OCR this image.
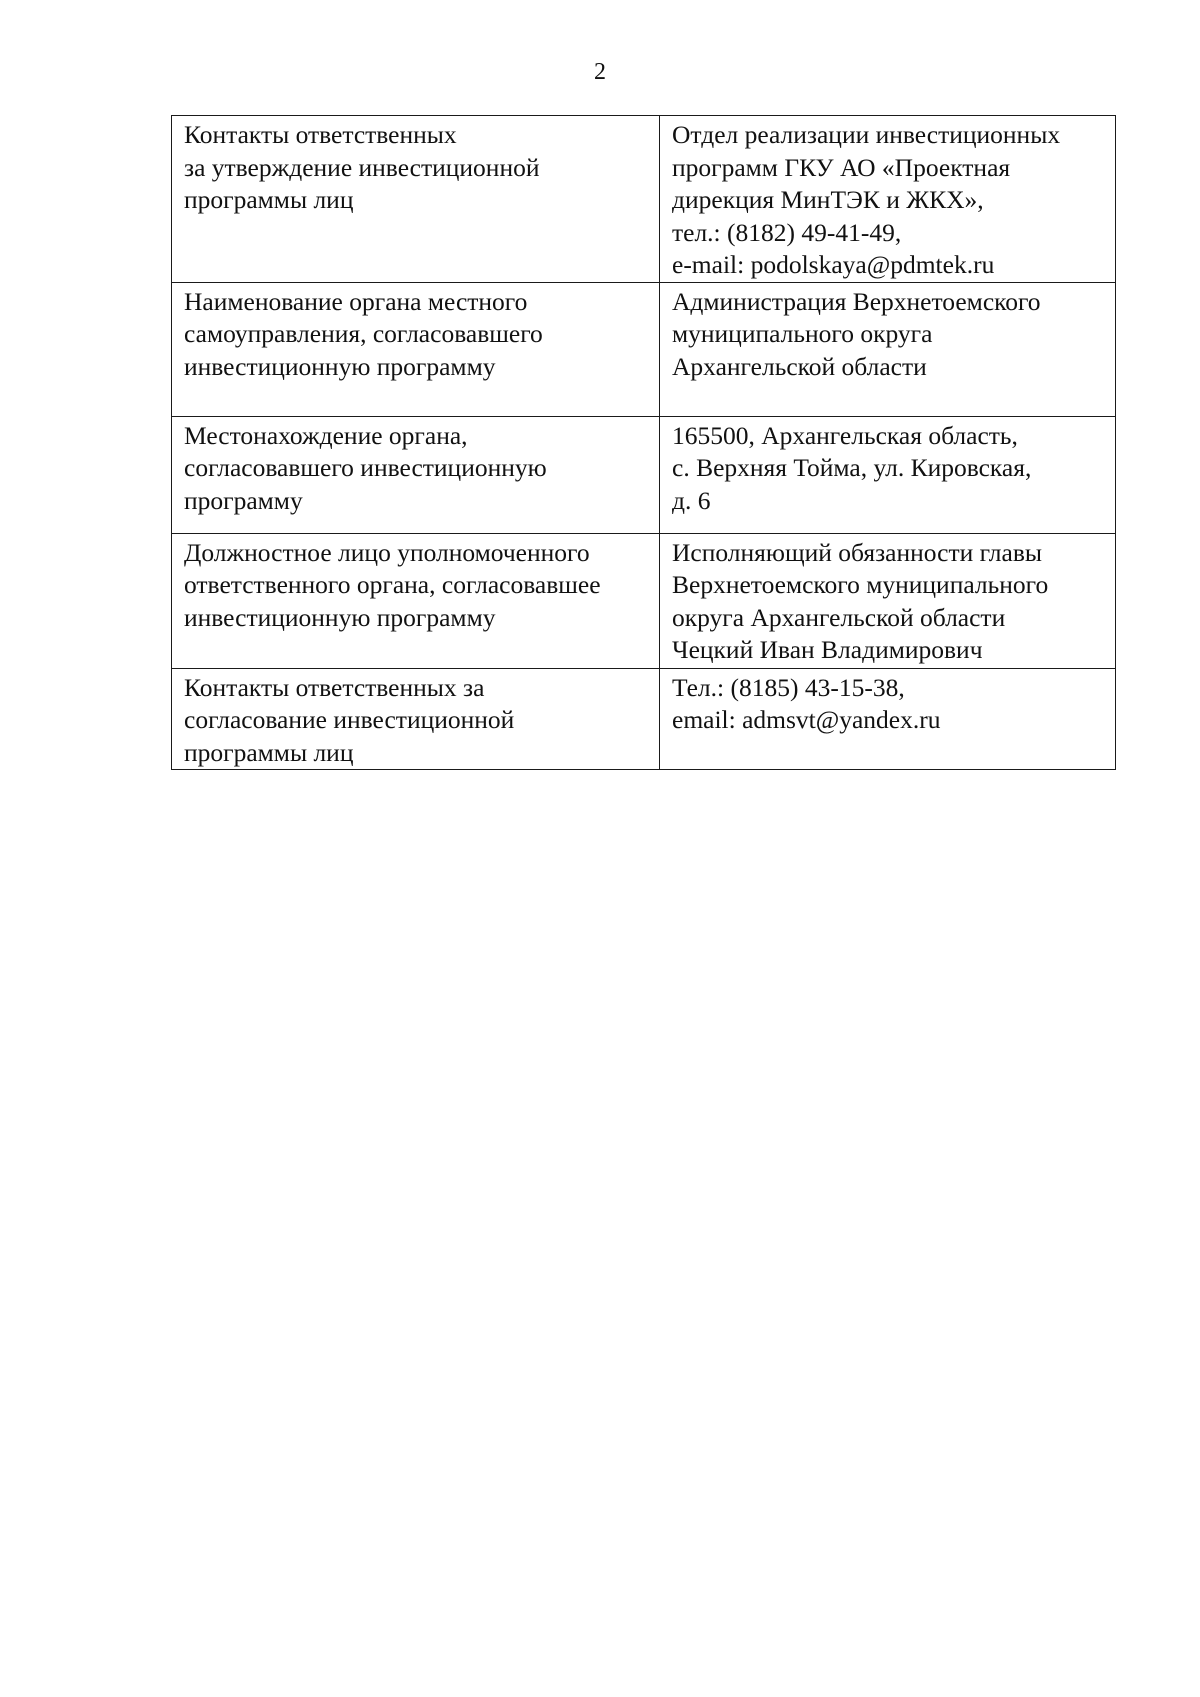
2
Контакты ответственных
за утверждение инвестиционной
программы лиц	Отдел реализации инвестиционных
программ ГКУ АО «Проектная
дирекция МинТЭК и ЖКХ»,
тел.: (8182) 49-41-49,
e-mail: podolskaya@pdmtek.ru

Наименование органа местного
самоуправления, согласовавшего
инвестиционную программу	Администрация Верхнетоемского
муниципального округа
Архангельской области

Местонахождение органа,
согласовавшего инвестиционную
программу	165500, Архангельская область,
с. Верхняя Тойма, ул. Кировская,
д. 6

Должностное лицо уполномоченного
ответственного органа, согласовавшее
инвестиционную программу	Исполняющий обязанности главы
Верхнетоемского муниципального
округа Архангельской области
Чецкий Иван Владимирович

Контакты ответственных за
согласование инвестиционной
программы лиц	Тел.: (8185) 43-15-38,
email: admsvt@yandex.ru
